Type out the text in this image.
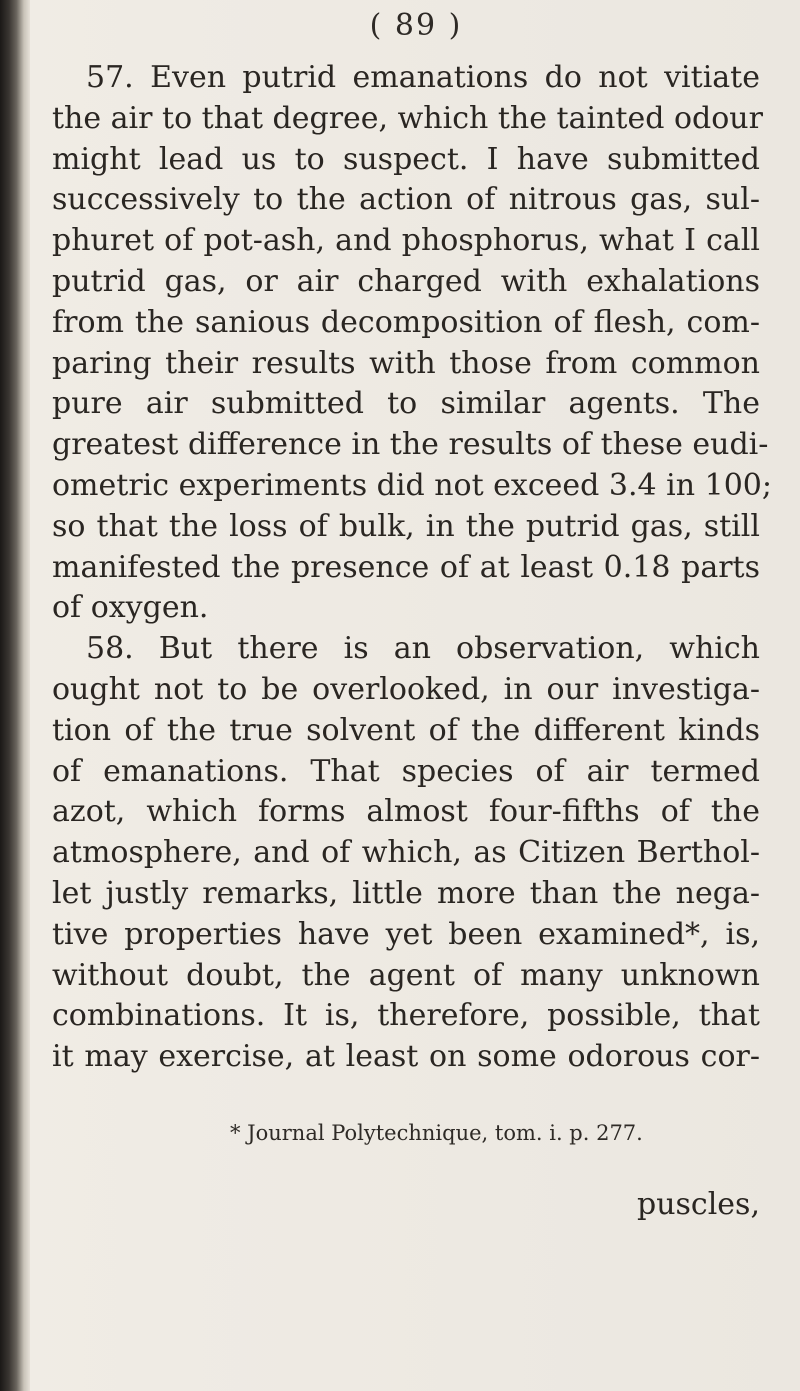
( 89 )
57. Even putrid emanations do not vitiate
the air to that degree, which the tainted odour
might lead us to suspect. I have submitted
successively to the action of nitrous gas, sul-
phuret of pot-ash, and phosphorus, what I call
putrid gas, or air charged with exhalations
from the sanious decomposition of flesh, com-
paring their results with those from common
pure air submitted to similar agents. The
greatest difference in the results of these eudi-
ometric experiments did not exceed 3.4 in 100;
so that the loss of bulk, in the putrid gas, still
manifested the presence of at least 0.18 parts
of oxygen.
58. But there is an observation, which
ought not to be overlooked, in our investiga-
tion of the true solvent of the different kinds
of emanations. That species of air termed
azot, which forms almost four-fifths of the
atmosphere, and of which, as Citizen Berthol-
let justly remarks, little more than the nega-
tive properties have yet been examined*, is,
without doubt, the agent of many unknown
combinations. It is, therefore, possible, that
it may exercise, at least on some odorous cor-
* Journal Polytechnique, tom. i. p. 277.
puscles,
